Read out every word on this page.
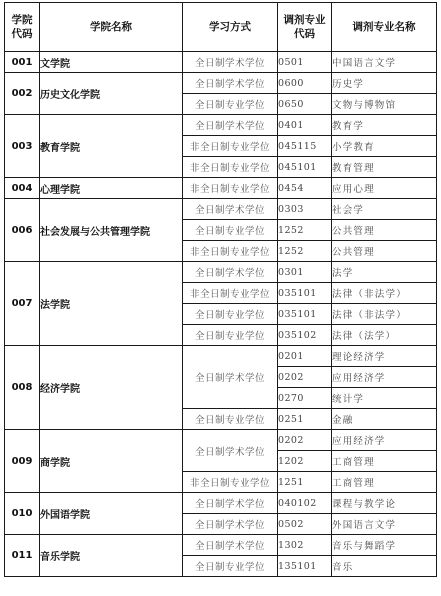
学院代码	学院名称	学习方式	调剂专业代码	调剂专业名称
001	文学院	全日制学术学位	0501	中国语言文学
002	历史文化学院	全日制学术学位	0600	历史学
		全日制专业学位	0650	文物与博物馆
003	教育学院	全日制学术学位	0401	教育学
		非全日制专业学位	045115	小学教育
		非全日制专业学位	045101	教育管理
004	心理学院	非全日制专业学位	0454	应用心理
006	社会发展与公共管理学院	全日制学术学位	0303	社会学
		全日制专业学位	1252	公共管理
		非全日制专业学位	1252	公共管理
007	法学院	全日制学术学位	0301	法学
		非全日制专业学位	035101	法律（非法学）
		全日制专业学位	035101	法律（非法学）
		全日制专业学位	035102	法律（法学）
008	经济学院	全日制学术学位	0201	理论经济学
			0202	应用经济学
			0270	统计学
		全日制专业学位	0251	金融
009	商学院	全日制学术学位	0202	应用经济学
			1202	工商管理
		非全日制专业学位	1251	工商管理
010	外国语学院	全日制学术学位	040102	课程与教学论
		全日制学术学位	0502	外国语言文学
011	音乐学院	全日制学术学位	1302	音乐与舞蹈学
		全日制专业学位	135101	音乐
